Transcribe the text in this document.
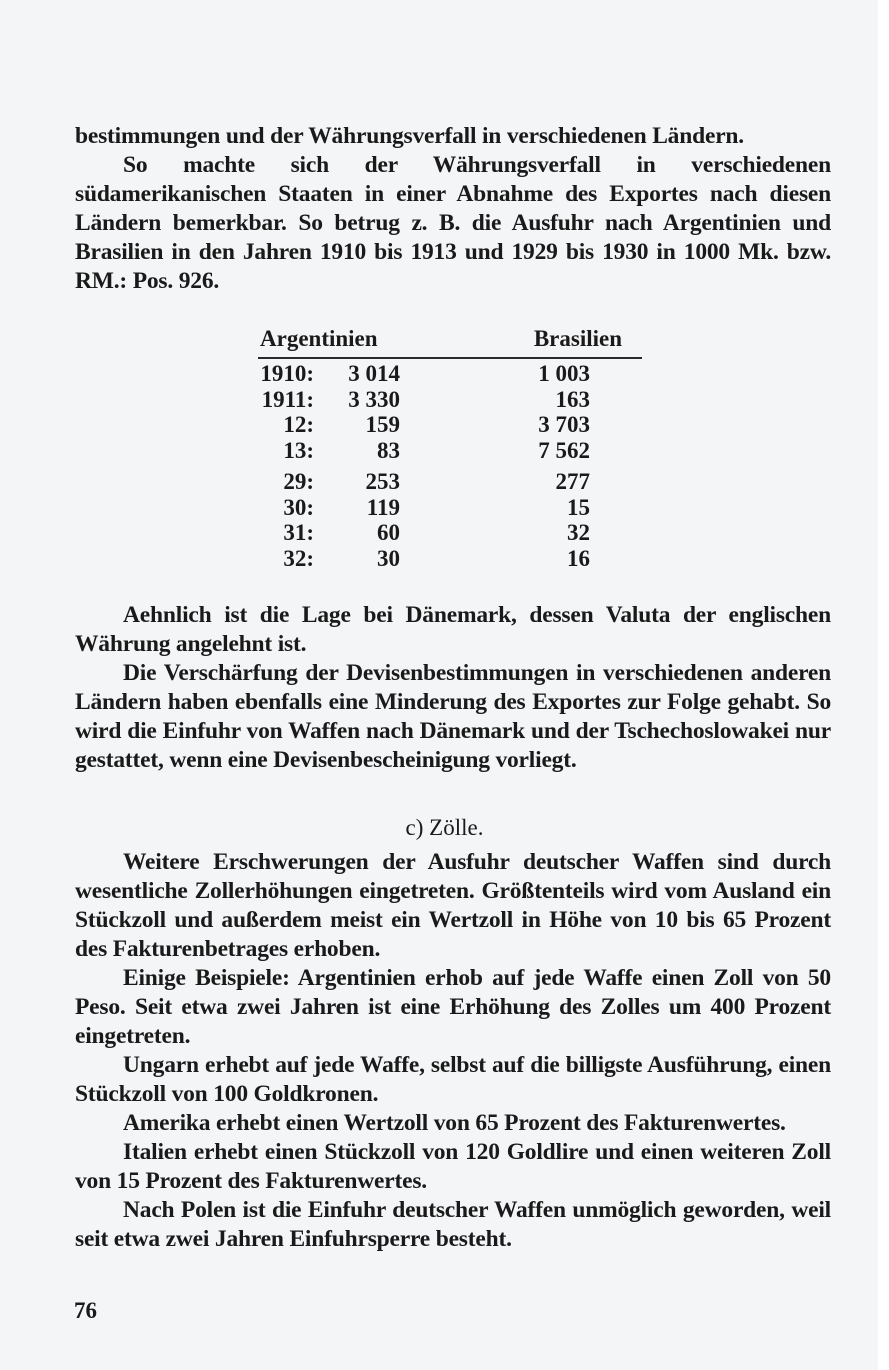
bestimmungen und der Währungsverfall in verschiedenen Ländern.

So machte sich der Währungsverfall in verschiedenen südamerikanischen Staaten in einer Abnahme des Exportes nach diesen Ländern bemerkbar. So betrug z. B. die Ausfuhr nach Argentinien und Brasilien in den Jahren 1910 bis 1913 und 1929 bis 1930 in 1000 Mk. bzw. RM.: Pos. 926.

Argentinien	Brasilien
1910:	3 014	1 003
1911:	3 330	163
12:	159	3 703
13:	83	7 562
29:	253	277
30:	119	15
31:	60	32
32:	30	16

Aehnlich ist die Lage bei Dänemark, dessen Valuta der englischen Währung angelehnt ist.

Die Verschärfung der Devisenbestimmungen in verschiedenen anderen Ländern haben ebenfalls eine Minderung des Exportes zur Folge gehabt. So wird die Einfuhr von Waffen nach Dänemark und der Tschechoslowakei nur gestattet, wenn eine Devisenbescheinigung vorliegt.

c) Zölle.

Weitere Erschwerungen der Ausfuhr deutscher Waffen sind durch wesentliche Zollerhöhungen eingetreten. Größtenteils wird vom Ausland ein Stückzoll und außerdem meist ein Wertzoll in Höhe von 10 bis 65 Prozent des Fakturenbetrages erhoben.

Einige Beispiele: Argentinien erhob auf jede Waffe einen Zoll von 50 Peso. Seit etwa zwei Jahren ist eine Erhöhung des Zolles um 400 Prozent eingetreten.

Ungarn erhebt auf jede Waffe, selbst auf die billigste Ausführung, einen Stückzoll von 100 Goldkronen.

Amerika erhebt einen Wertzoll von 65 Prozent des Fakturenwertes.

Italien erhebt einen Stückzoll von 120 Goldlire und einen weiteren Zoll von 15 Prozent des Fakturenwertes.

Nach Polen ist die Einfuhr deutscher Waffen unmöglich geworden, weil seit etwa zwei Jahren Einfuhrsperre besteht.

76
